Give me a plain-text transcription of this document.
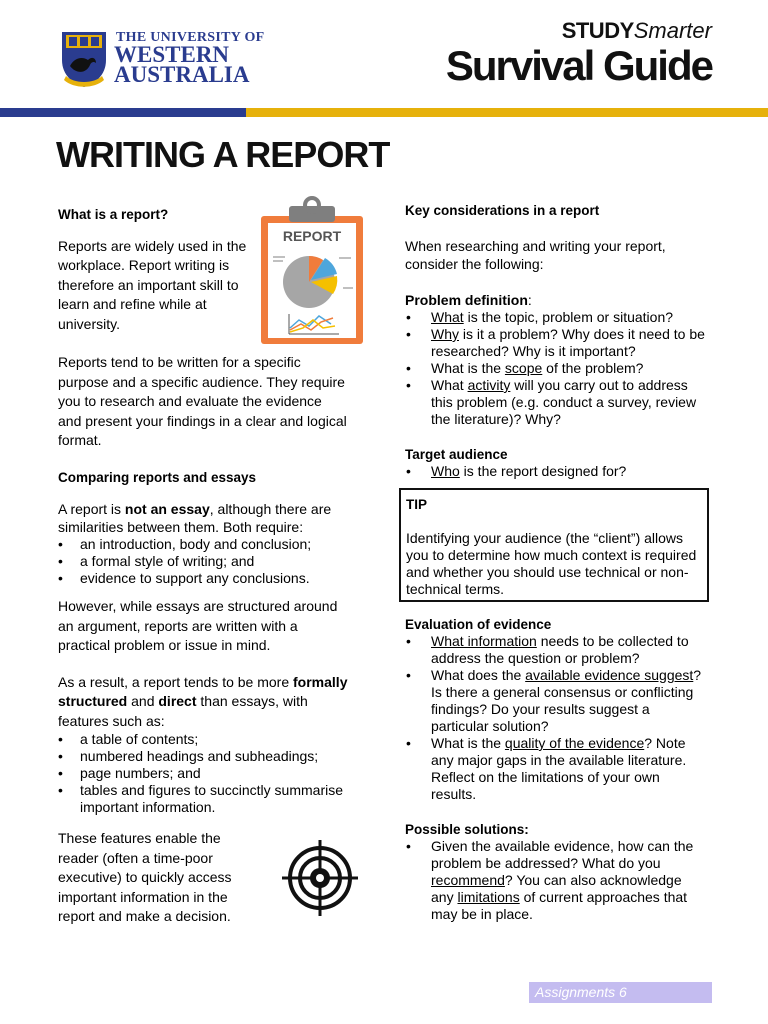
THE UNIVERSITY OF
WESTERN
AUSTRALIA
STUDYSmarter
Survival Guide
WRITING A REPORT
REPORT
What is a report?

Reports are widely used in the workplace. Report writing is therefore an important skill to learn and refine while at university.

Reports tend to be written for a specific purpose and a specific audience. They require you to research and evaluate the evidence and present your findings in a clear and logical format.

Comparing reports and essays

A report is not an essay, although there are similarities between them. Both require:

• an introduction, body and conclusion;
• a formal style of writing; and
• evidence to support any conclusions.

However, while essays are structured around an argument, reports are written with a practical problem or issue in mind.

As a result, a report tends to be more formally structured and direct than essays, with features such as:

• a table of contents;
• numbered headings and subheadings;
• page numbers; and
• tables and figures to succinctly summarise important information.

These features enable the reader (often a time-poor executive) to quickly access important information in the report and make a decision.

Key considerations in a report

When researching and writing your report, consider the following:

Problem definition:
• What is the topic, problem or situation?
• Why is it a problem? Why does it need to be researched? Why is it important?
• What is the scope of the problem?
• What activity will you carry out to address this problem (e.g. conduct a survey, review the literature)? Why?
Target audience
• Who is the report designed for?
TIP
Identifying your audience (the “client”) allows you to determine how much context is required and whether you should use technical or non-technical terms.
Evaluation of evidence
• What information needs to be collected to address the question or problem?
• What does the available evidence suggest? Is there a general consensus or conflicting findings? Do your results suggest a particular solution?
• What is the quality of the evidence? Note any major gaps in the available literature. Reflect on the limitations of your own results.
Possible solutions:
• Given the available evidence, how can the problem be addressed? What do you recommend? You can also acknowledge any limitations of current approaches that may be in place.
Assignments 6
